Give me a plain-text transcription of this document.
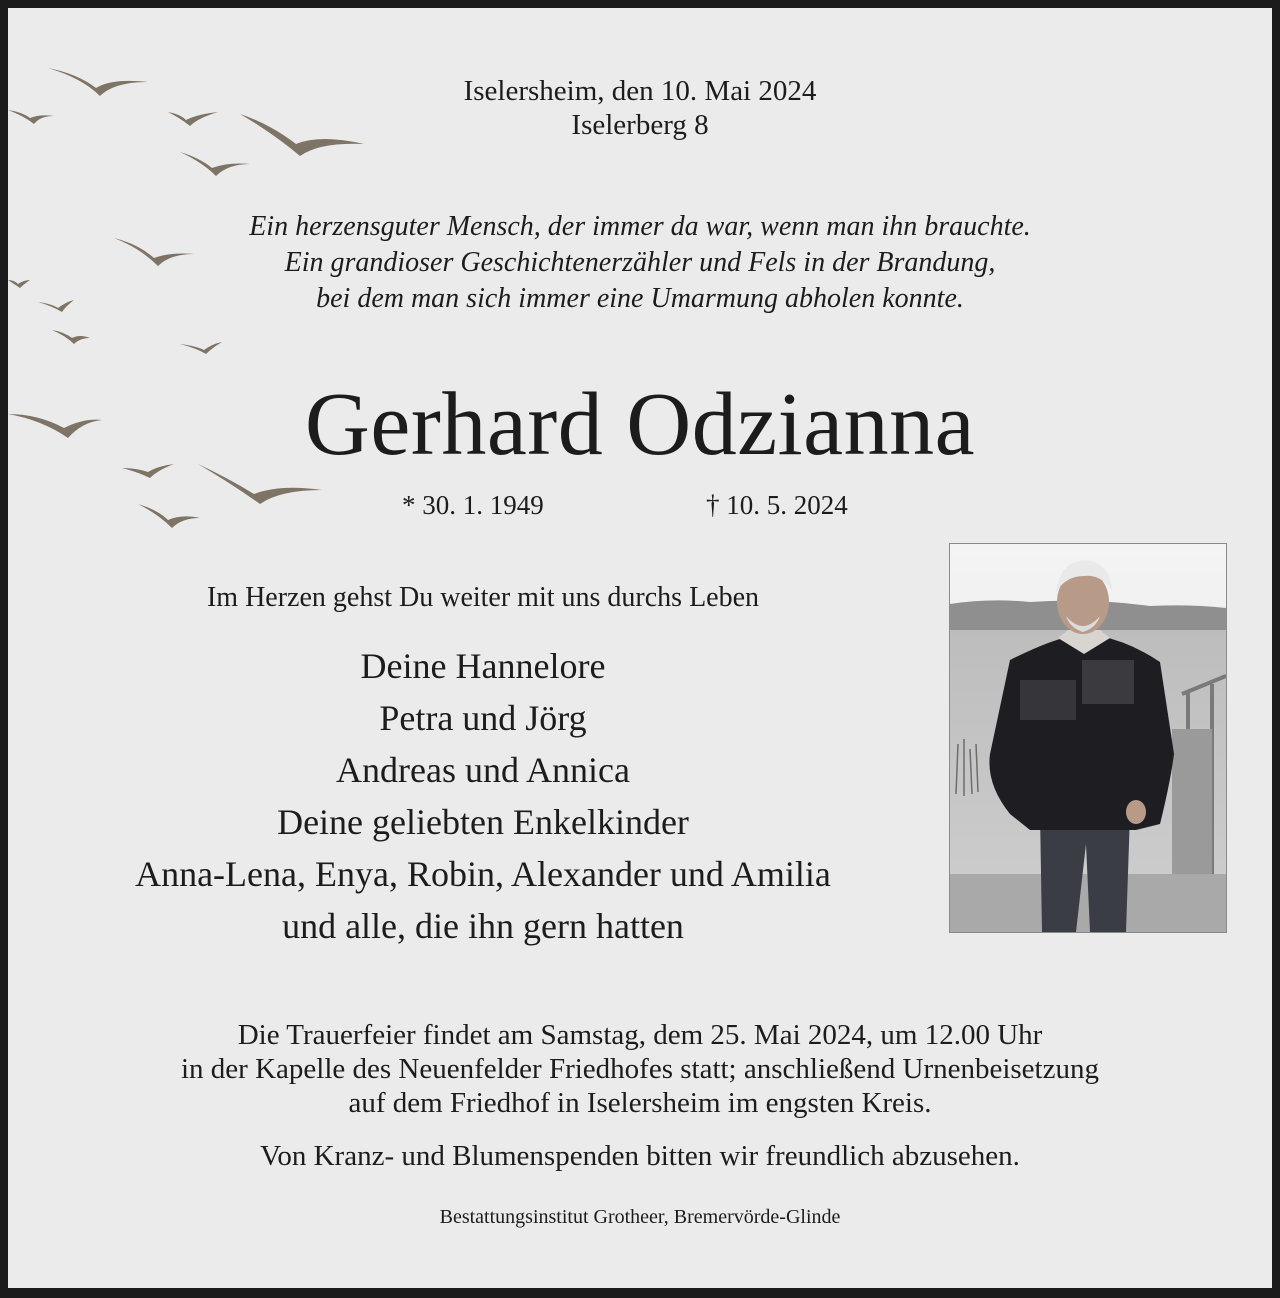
Iselersheim, den 10. Mai 2024
Iselerberg 8
Ein herzensguter Mensch, der immer da war, wenn man ihn brauchte.
Ein grandioser Geschichtenerzähler und Fels in der Brandung,
bei dem man sich immer eine Umarmung abholen konnte.
Gerhard Odzianna
* 30. 1. 1949	† 10. 5. 2024
Im Herzen gehst Du weiter mit uns durchs Leben
Deine Hannelore
Petra und Jörg
Andreas und Annica
Deine geliebten Enkelkinder
Anna-Lena, Enya, Robin, Alexander und Amilia
und alle, die ihn gern hatten
Die Trauerfeier findet am Samstag, dem 25. Mai 2024, um 12.00 Uhr
in der Kapelle des Neuenfelder Friedhofes statt; anschließend Urnenbeisetzung
auf dem Friedhof in Iselersheim im engsten Kreis.
Von Kranz- und Blumenspenden bitten wir freundlich abzusehen.
Bestattungsinstitut Grotheer, Bremervörde-Glinde
